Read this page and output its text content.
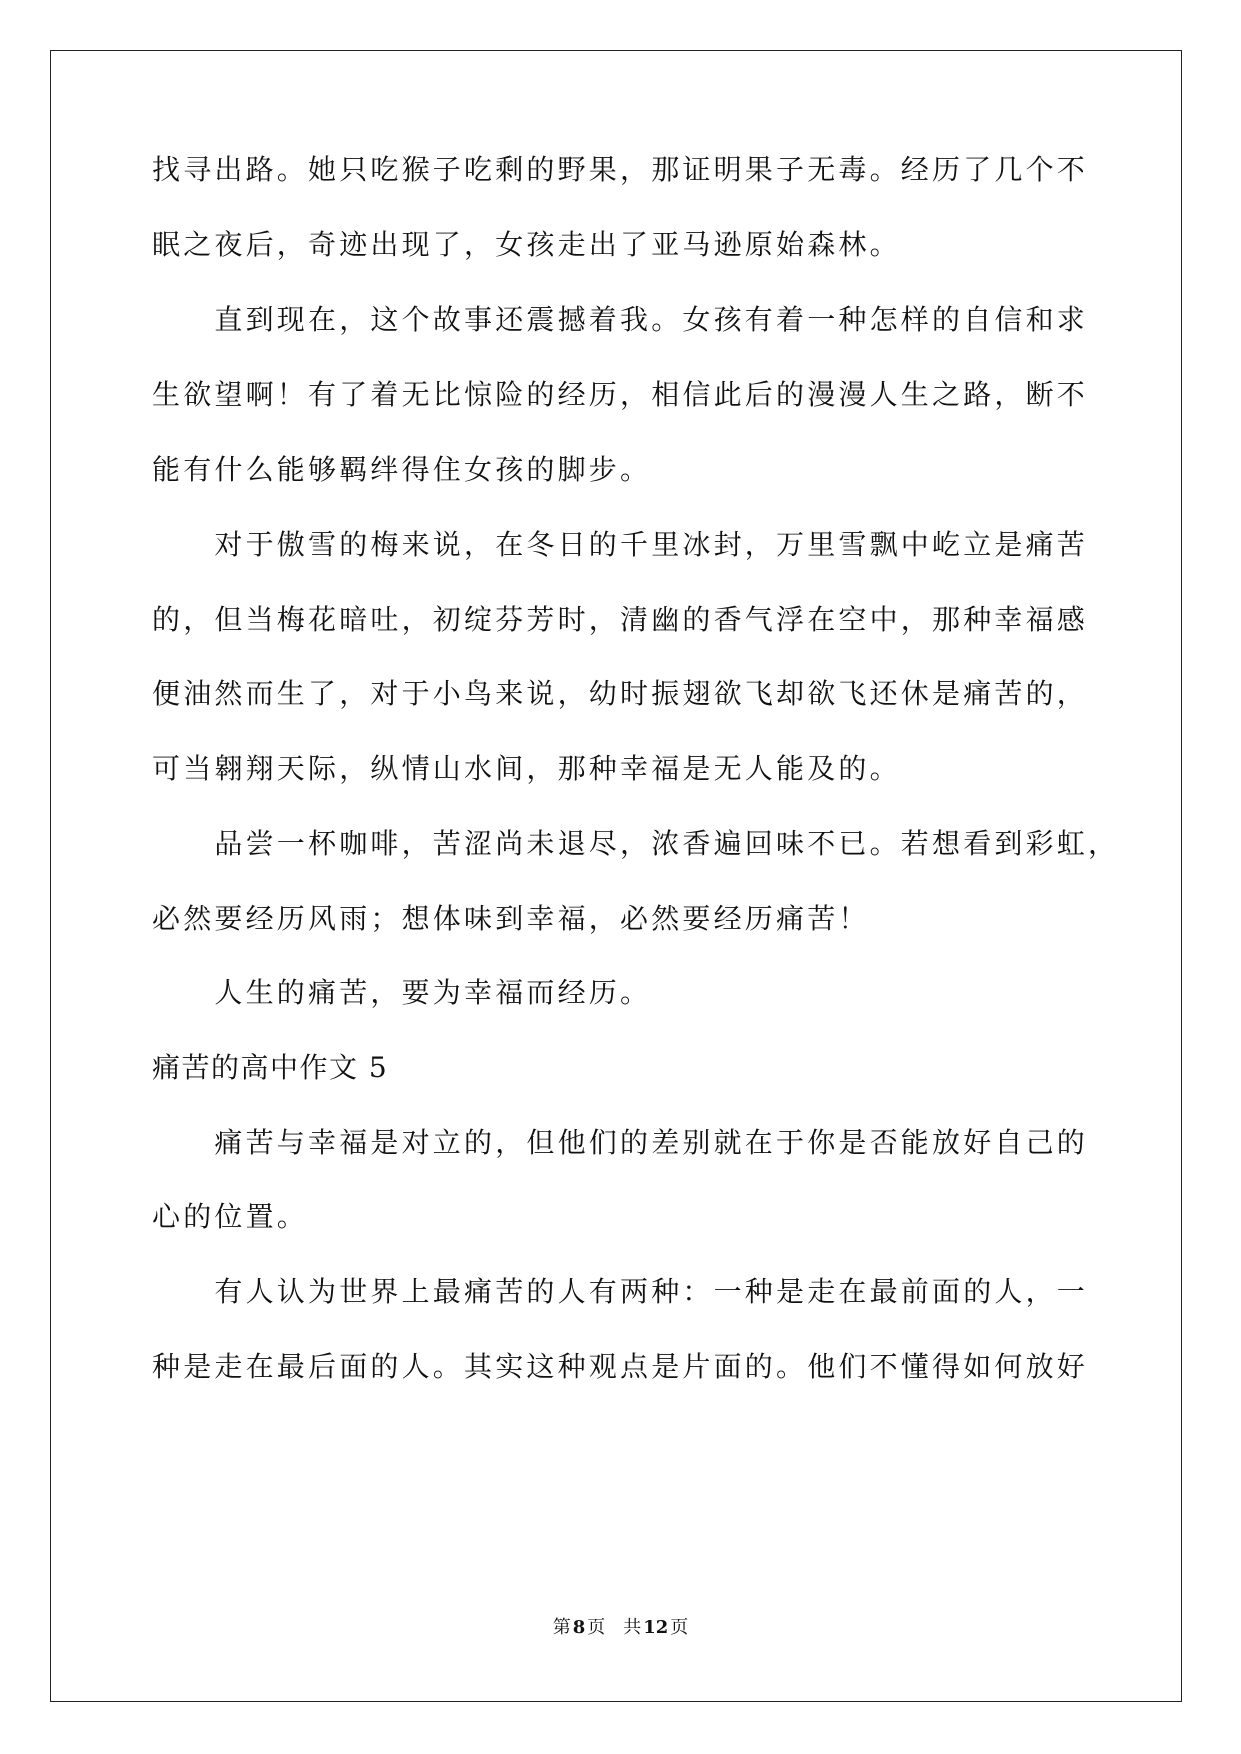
找寻出路。她只吃猴子吃剩的野果，那证明果子无毒。经历了几个不
眠之夜后，奇迹出现了，女孩走出了亚马逊原始森林。
　　直到现在，这个故事还震撼着我。女孩有着一种怎样的自信和求
生欲望啊！有了着无比惊险的经历，相信此后的漫漫人生之路，断不
能有什么能够羁绊得住女孩的脚步。
　　对于傲雪的梅来说，在冬日的千里冰封，万里雪飘中屹立是痛苦
的，但当梅花暗吐，初绽芬芳时，清幽的香气浮在空中，那种幸福感
便油然而生了，对于小鸟来说，幼时振翅欲飞却欲飞还休是痛苦的，
可当翱翔天际，纵情山水间，那种幸福是无人能及的。
　　品尝一杯咖啡，苦涩尚未退尽，浓香遍回味不已。若想看到彩虹，
必然要经历风雨；想体味到幸福，必然要经历痛苦！
　　人生的痛苦，要为幸福而经历。
痛苦的高中作文 5
　　痛苦与幸福是对立的，但他们的差别就在于你是否能放好自己的
心的位置。
　　有人认为世界上最痛苦的人有两种：一种是走在最前面的人，一
种是走在最后面的人。其实这种观点是片面的。他们不懂得如何放好
第 8 页 共 12 页
